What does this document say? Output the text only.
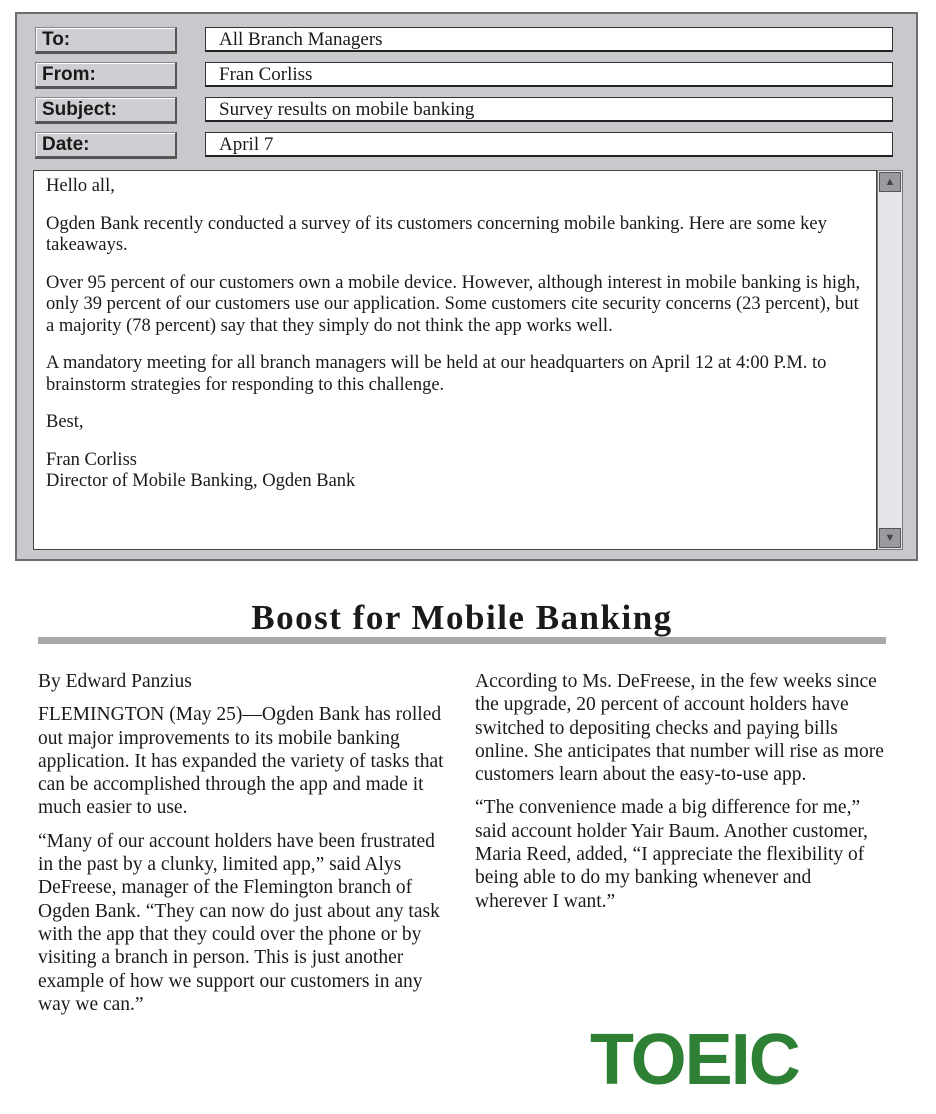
To:	All Branch Managers
From:	Fran Corliss
Subject:	Survey results on mobile banking
Date:	April 7

Hello all,

Ogden Bank recently conducted a survey of its customers concerning mobile banking. Here are some key takeaways.

Over 95 percent of our customers own a mobile device. However, although interest in mobile banking is high, only 39 percent of our customers use our application. Some customers cite security concerns (23 percent), but a majority (78 percent) say that they simply do not think the app works well.

A mandatory meeting for all branch managers will be held at our headquarters on April 12 at 4:00 P.M. to brainstorm strategies for responding to this challenge.

Best,

Fran Corliss
Director of Mobile Banking, Ogden Bank
▲
▼
Boost for Mobile Banking

By Edward Panzius

FLEMINGTON (May 25)—Ogden Bank has rolled out major improvements to its mobile banking application. It has expanded the variety of tasks that can be accomplished through the app and made it much easier to use.

“Many of our account holders have been frustrated in the past by a clunky, limited app,” said Alys DeFreese, manager of the Flemington branch of Ogden Bank. “They can now do just about any task with the app that they could over the phone or by visiting a branch in person. This is just another example of how we support our customers in any way we can.”

According to Ms. DeFreese, in the few weeks since the upgrade, 20 percent of account holders have switched to depositing checks and paying bills online. She anticipates that number will rise as more customers learn about the easy-to-use app.

“The convenience made a big difference for me,” said account holder Yair Baum. Another customer, Maria Reed, added, “I appreciate the flexibility of being able to do my banking whenever and wherever I want.”

TOEIC
